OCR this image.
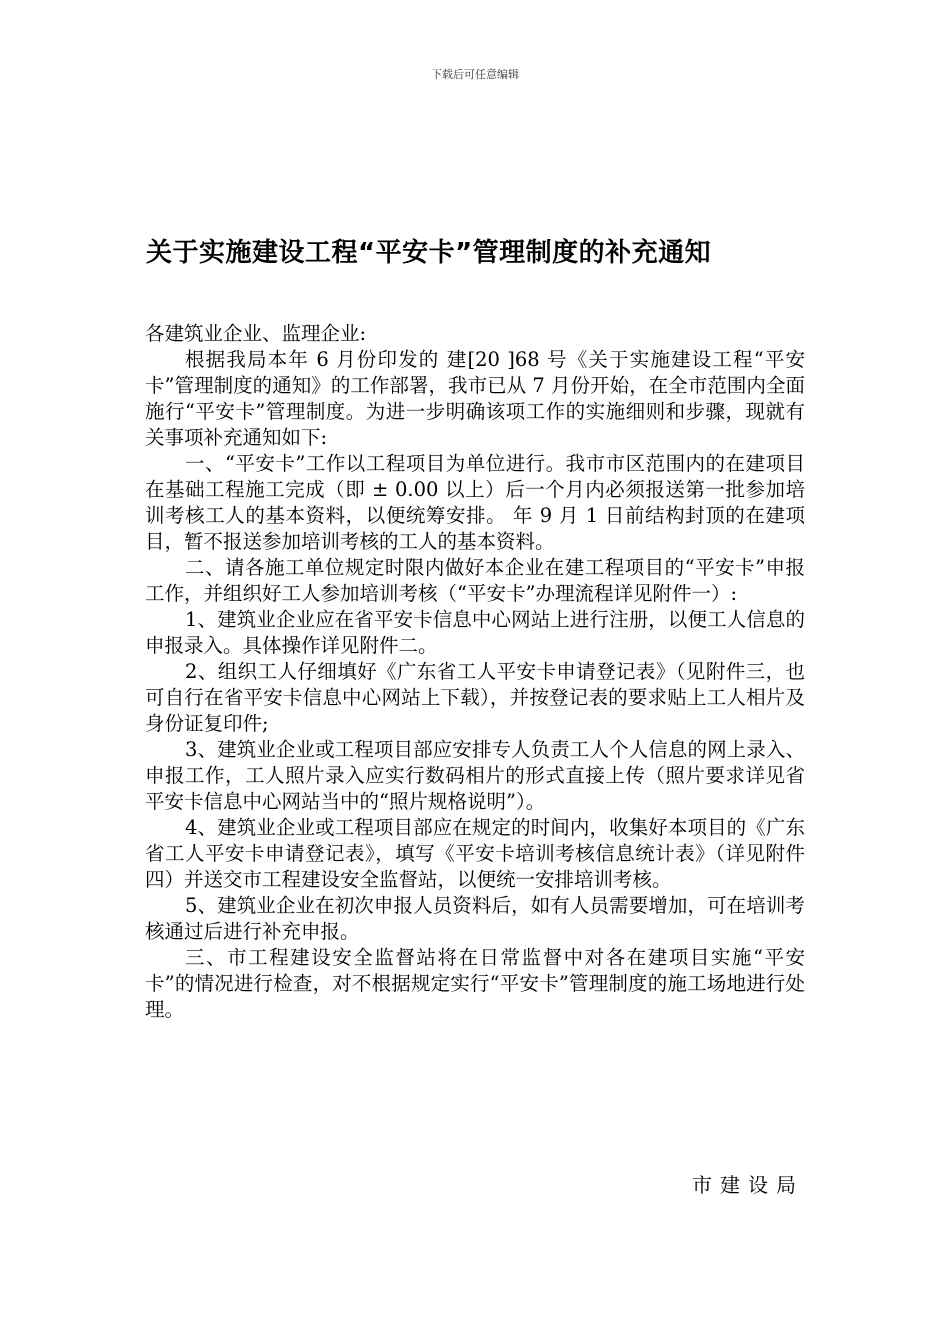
下载后可任意编辑
关于实施建设工程“平安卡”管理制度的补充通知

各建筑业企业、监理企业:

根据我局本年 6 月份印发的 建[20 ]68 号《关于实施建设工程“平安卡”管理制度的通知》的工作部署，我市已从 7 月份开始，在全市范围内全面施行“平安卡”管理制度。为进一步明确该项工作的实施细则和步骤，现就有关事项补充通知如下:

一、“平安卡”工作以工程项目为单位进行。我市市区范围内的在建项目在基础工程施工完成（即 ± 0.00 以上）后一个月内必须报送第一批参加培训考核工人的基本资料，以便统筹安排。 年 9 月 1 日前结构封顶的在建项目，暂不报送参加培训考核的工人的基本资料。

二、请各施工单位规定时限内做好本企业在建工程项目的“平安卡”申报工作，并组织好工人参加培训考核（“平安卡”办理流程详见附件一）:

1、建筑业企业应在省平安卡信息中心网站上进行注册，以便工人信息的申报录入。具体操作详见附件二。

2、组织工人仔细填好《广东省工人平安卡申请登记表》（见附件三，也可自行在省平安卡信息中心网站上下载），并按登记表的要求贴上工人相片及身份证复印件;

3、建筑业企业或工程项目部应安排专人负责工人个人信息的网上录入、申报工作，工人照片录入应实行数码相片的形式直接上传（照片要求详见省平安卡信息中心网站当中的“照片规格说明”）。

4、建筑业企业或工程项目部应在规定的时间内，收集好本项目的《广东省工人平安卡申请登记表》，填写《平安卡培训考核信息统计表》（详见附件四）并送交市工程建设安全监督站，以便统一安排培训考核。

5、建筑业企业在初次申报人员资料后，如有人员需要增加，可在培训考核通过后进行补充申报。

三、市工程建设安全监督站将在日常监督中对各在建项目实施“平安卡”的情况进行检查，对不根据规定实行“平安卡”管理制度的施工场地进行处理。

市建设局
